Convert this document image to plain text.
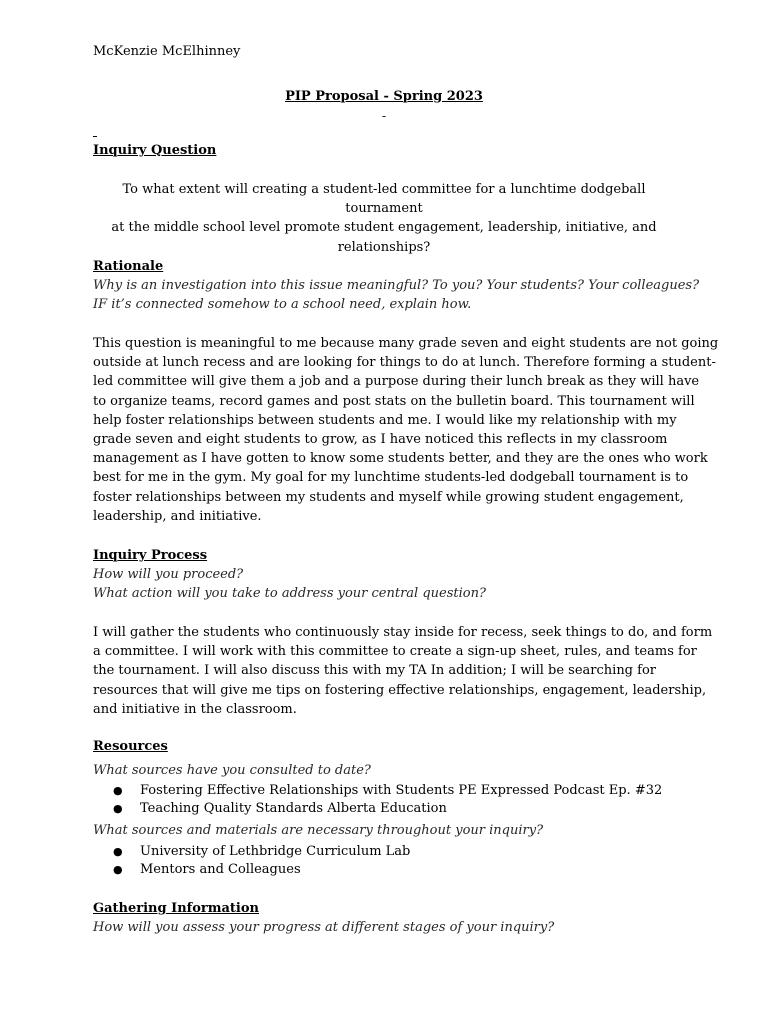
McKenzie McElhinney
PIP Proposal - Spring 2023
-
Inquiry Question
To what extent will creating a student-led committee for a lunchtime dodgeball tournament
at the middle school level promote student engagement, leadership, initiative, and
relationships?
Rationale
Why is an investigation into this issue meaningful? To you? Your students? Your colleagues?
IF it’s connected somehow to a school need, explain how.
This question is meaningful to me because many grade seven and eight students are not going
outside at lunch recess and are looking for things to do at lunch. Therefore forming a student-
led committee will give them a job and a purpose during their lunch break as they will have
to organize teams, record games and post stats on the bulletin board. This tournament will
help foster relationships between students and me. I would like my relationship with my
grade seven and eight students to grow, as I have noticed this reflects in my classroom
management as I have gotten to know some students better, and they are the ones who work
best for me in the gym. My goal for my lunchtime students-led dodgeball tournament is to
foster relationships between my students and myself while growing student engagement,
leadership, and initiative.
Inquiry Process
How will you proceed?
What action will you take to address your central question?
I will gather the students who continuously stay inside for recess, seek things to do, and form
a committee. I will work with this committee to create a sign-up sheet, rules, and teams for
the tournament. I will also discuss this with my TA In addition; I will be searching for
resources that will give me tips on fostering effective relationships, engagement, leadership,
and initiative in the classroom.
Resources
What sources have you consulted to date?
● Fostering Effective Relationships with Students PE Expressed Podcast Ep. #32
● Teaching Quality Standards Alberta Education
What sources and materials are necessary throughout your inquiry?
● University of Lethbridge Curriculum Lab
● Mentors and Colleagues
Gathering Information
How will you assess your progress at different stages of your inquiry?
